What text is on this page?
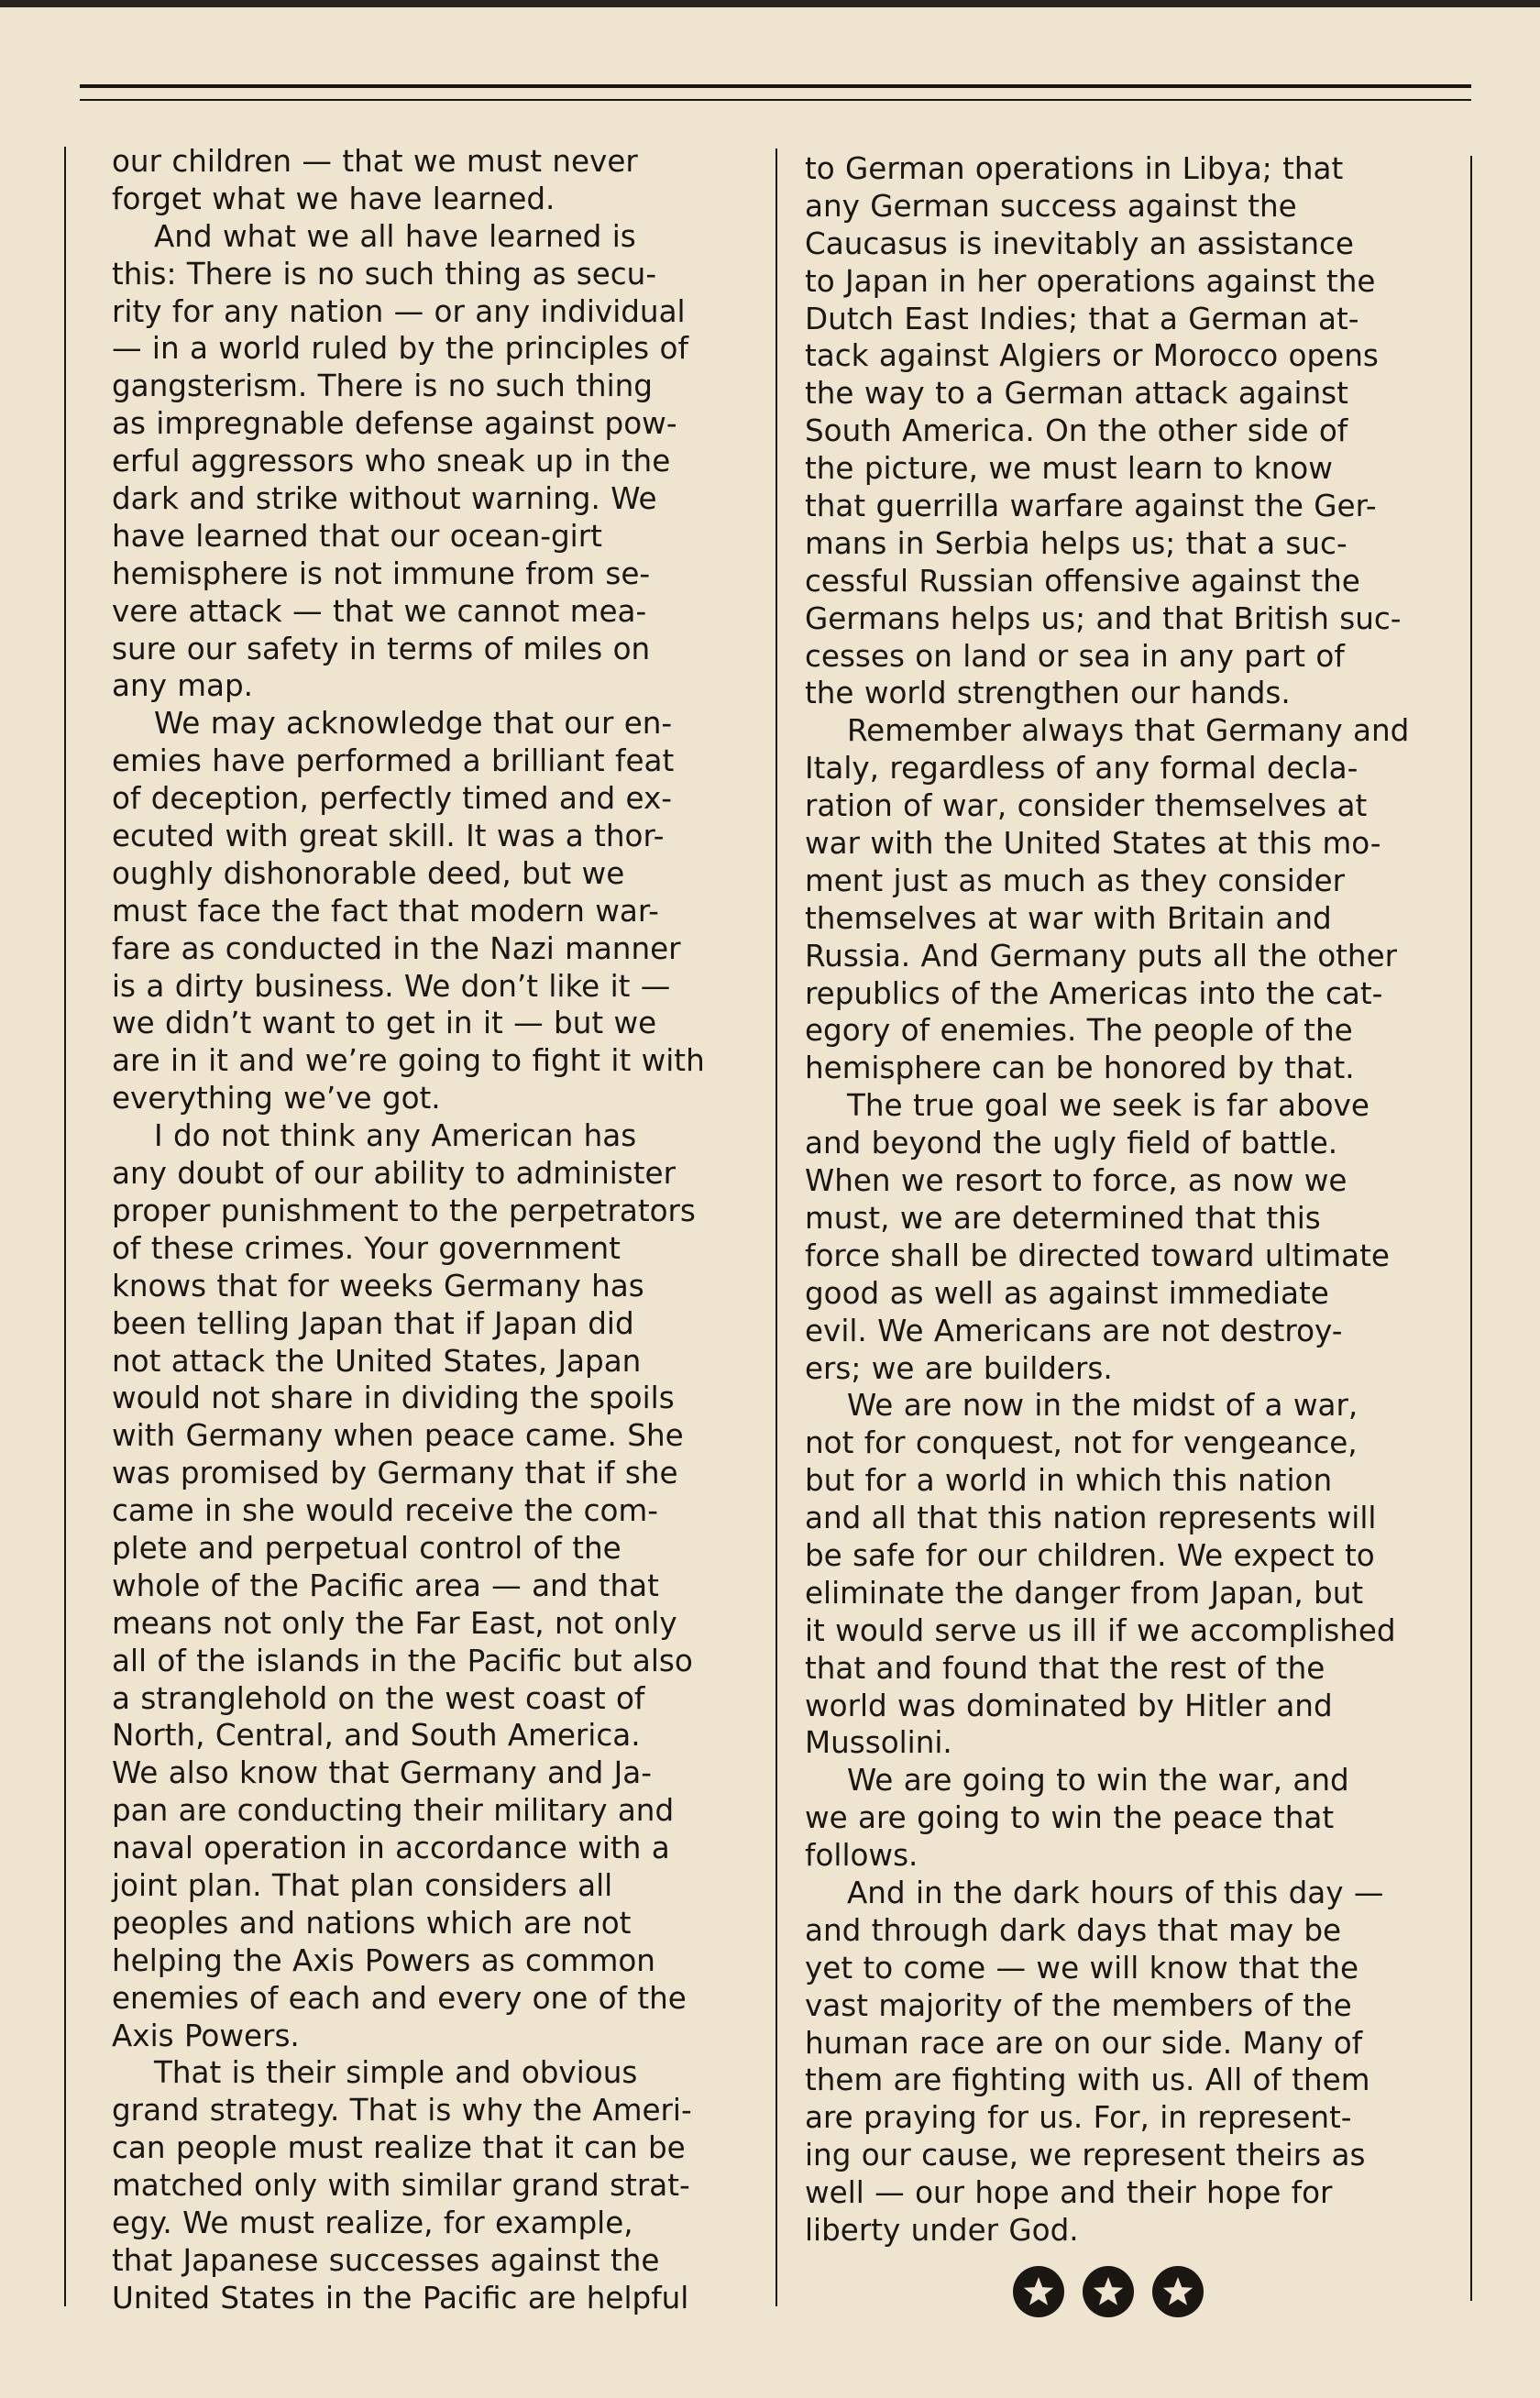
our children — that we must never
forget what we have learned.
And what we all have learned is
this: There is no such thing as secu-
rity for any nation — or any individual
— in a world ruled by the principles of
gangsterism. There is no such thing
as impregnable defense against pow-
erful aggressors who sneak up in the
dark and strike without warning. We
have learned that our ocean-girt
hemisphere is not immune from se-
vere attack — that we cannot mea-
sure our safety in terms of miles on
any map.
We may acknowledge that our en-
emies have performed a brilliant feat
of deception, perfectly timed and ex-
ecuted with great skill. It was a thor-
oughly dishonorable deed, but we
must face the fact that modern war-
fare as conducted in the Nazi manner
is a dirty business. We don’t like it —
we didn’t want to get in it — but we
are in it and we’re going to fight it with
everything we’ve got.
I do not think any American has
any doubt of our ability to administer
proper punishment to the perpetrators
of these crimes. Your government
knows that for weeks Germany has
been telling Japan that if Japan did
not attack the United States, Japan
would not share in dividing the spoils
with Germany when peace came. She
was promised by Germany that if she
came in she would receive the com-
plete and perpetual control of the
whole of the Pacific area — and that
means not only the Far East, not only
all of the islands in the Pacific but also
a stranglehold on the west coast of
North, Central, and South America.
We also know that Germany and Ja-
pan are conducting their military and
naval operation in accordance with a
joint plan. That plan considers all
peoples and nations which are not
helping the Axis Powers as common
enemies of each and every one of the
Axis Powers.
That is their simple and obvious
grand strategy. That is why the Ameri-
can people must realize that it can be
matched only with similar grand strat-
egy. We must realize, for example,
that Japanese successes against the
United States in the Pacific are helpful
to German operations in Libya; that
any German success against the
Caucasus is inevitably an assistance
to Japan in her operations against the
Dutch East Indies; that a German at-
tack against Algiers or Morocco opens
the way to a German attack against
South America. On the other side of
the picture, we must learn to know
that guerrilla warfare against the Ger-
mans in Serbia helps us; that a suc-
cessful Russian offensive against the
Germans helps us; and that British suc-
cesses on land or sea in any part of
the world strengthen our hands.
Remember always that Germany and
Italy, regardless of any formal decla-
ration of war, consider themselves at
war with the United States at this mo-
ment just as much as they consider
themselves at war with Britain and
Russia. And Germany puts all the other
republics of the Americas into the cat-
egory of enemies. The people of the
hemisphere can be honored by that.
The true goal we seek is far above
and beyond the ugly field of battle.
When we resort to force, as now we
must, we are determined that this
force shall be directed toward ultimate
good as well as against immediate
evil. We Americans are not destroy-
ers; we are builders.
We are now in the midst of a war,
not for conquest, not for vengeance,
but for a world in which this nation
and all that this nation represents will
be safe for our children. We expect to
eliminate the danger from Japan, but
it would serve us ill if we accomplished
that and found that the rest of the
world was dominated by Hitler and
Mussolini.
We are going to win the war, and
we are going to win the peace that
follows.
And in the dark hours of this day —
and through dark days that may be
yet to come — we will know that the
vast majority of the members of the
human race are on our side. Many of
them are fighting with us. All of them
are praying for us. For, in represent-
ing our cause, we represent theirs as
well — our hope and their hope for
liberty under God.
